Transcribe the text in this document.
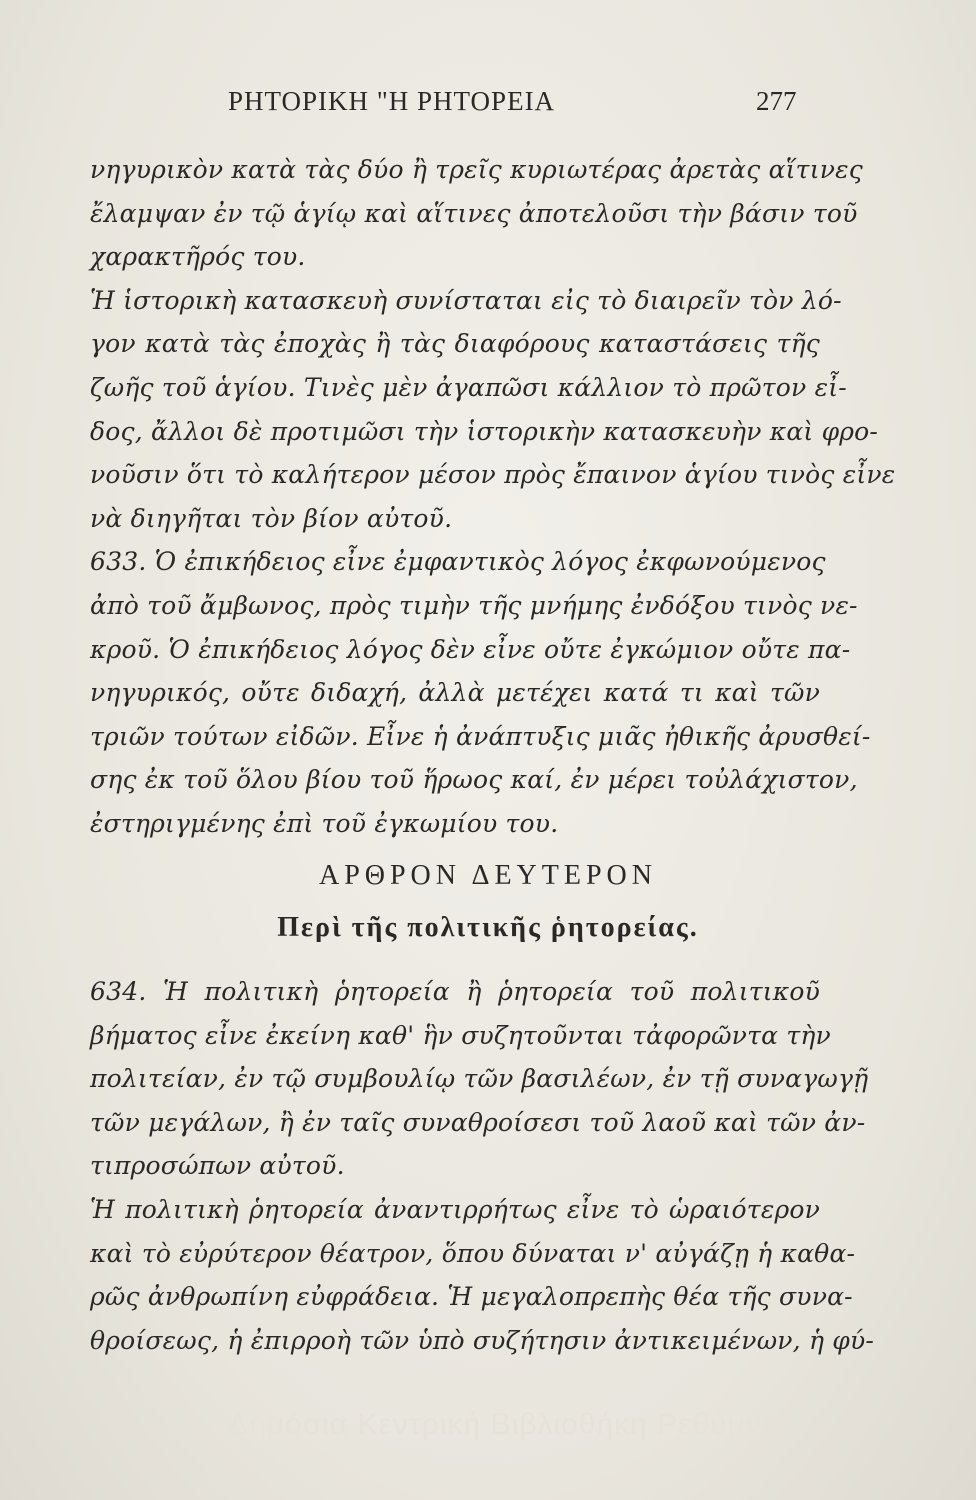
ΡΗΤΟΡΙΚΗ "Η ΡΗΤΟΡΕΙΑ	277
νηγυρικὸν κατὰ τὰς δύο ἢ τρεῖς κυριωτέρας ἀρετὰς αἵτινες
ἔλαμψαν ἐν τῷ ἁγίῳ καὶ αἵτινες ἀποτελοῦσι τὴν βάσιν τοῦ
χαρακτῆρός του.
Ἡ ἱστορικὴ κατασκευὴ συνίσταται εἰς τὸ διαιρεῖν τὸν λό-
γον κατὰ τὰς ἐποχὰς ἢ τὰς διαφόρους καταστάσεις τῆς
ζωῆς τοῦ ἁγίου. Τινὲς μὲν ἀγαπῶσι κάλλιον τὸ πρῶτον εἶ-
δος, ἄλλοι δὲ προτιμῶσι τὴν ἱστορικὴν κατασκευὴν καὶ φρο-
νοῦσιν ὅτι τὸ καλήτερον μέσον πρὸς ἔπαινον ἁγίου τινὸς εἶνε
νὰ διηγῆται τὸν βίον αὐτοῦ.
633. Ὁ ἐπικήδειος εἶνε ἐμφαντικὸς λόγος ἐκφωνούμενος
ἀπὸ τοῦ ἄμβωνος, πρὸς τιμὴν τῆς μνήμης ἐνδόξου τινὸς νε-
κροῦ. Ὁ ἐπικήδειος λόγος δὲν εἶνε οὔτε ἐγκώμιον οὔτε πα-
νηγυρικός, οὔτε διδαχή, ἀλλὰ μετέχει κατά τι καὶ τῶν
τριῶν τούτων εἰδῶν. Εἶνε ἡ ἀνάπτυξις μιᾶς ἠθικῆς ἀρυσθεί-
σης ἐκ τοῦ ὅλου βίου τοῦ ἥρωος καί, ἐν μέρει τοὐλάχιστον,
ἐστηριγμένης ἐπὶ τοῦ ἐγκωμίου του.
ΑΡΘΡΟΝ ΔΕΥΤΕΡΟΝ
Περὶ τῆς πολιτικῆς ῥητορείας.
634. Ἡ πολιτικὴ ῥητορεία ἢ ῥητορεία τοῦ πολιτικοῦ
βήματος εἶνε ἐκείνη καθ' ἣν συζητοῦνται τἀφορῶντα τὴν
πολιτείαν, ἐν τῷ συμβουλίῳ τῶν βασιλέων, ἐν τῇ συναγωγῇ
τῶν μεγάλων, ἢ ἐν ταῖς συναθροίσεσι τοῦ λαοῦ καὶ τῶν ἀν-
τιπροσώπων αὐτοῦ.
Ἡ πολιτικὴ ῥητορεία ἀναντιρρήτως εἶνε τὸ ὡραιότερον
καὶ τὸ εὐρύτερον θέατρον, ὅπου δύναται ν' αὐγάζῃ ἡ καθα-
ρῶς ἀνθρωπίνη εὐφράδεια. Ἡ μεγαλοπρεπὴς θέα τῆς συνα-
θροίσεως, ἡ ἐπιρροὴ τῶν ὑπὸ συζήτησιν ἀντικειμένων, ἡ φύ-
Δημόσια Κεντρική Βιβλιοθήκη Ρεθύμνης
